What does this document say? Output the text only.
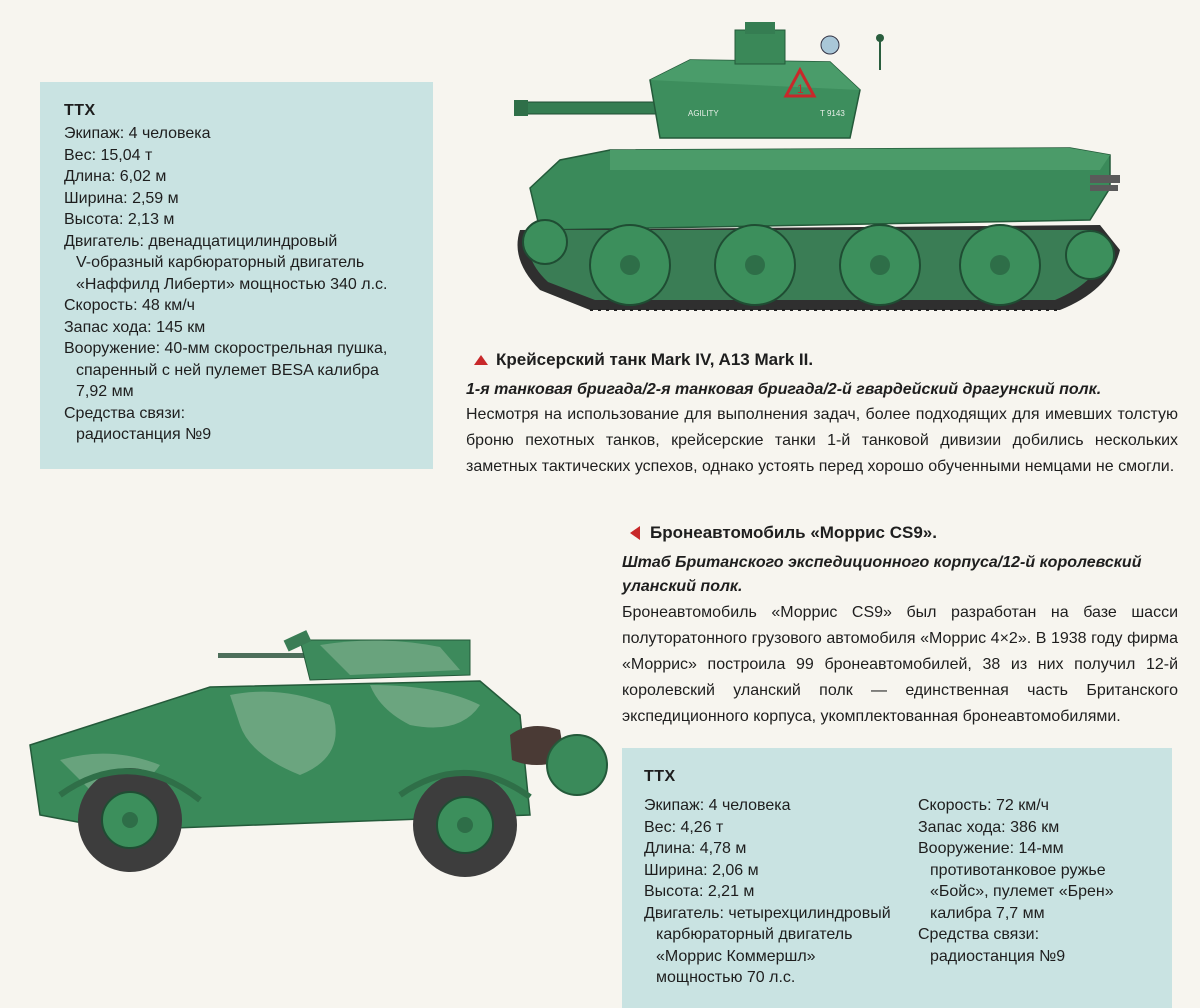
ТТХ
Экипаж: 4 человека
Вес: 15,04 т
Длина: 6,02 м
Ширина: 2,59 м
Высота: 2,13 м
Двигатель: двенадцатицилиндровый
V-образный карбюраторный двигатель
«Наффилд Либерти» мощностью 340 л.с.
Скорость: 48 км/ч
Запас хода: 145 км
Вооружение: 40-мм скорострельная пушка,
спаренный с ней пулемет BESA калибра
7,92 мм
Средства связи:
радиостанция №9
AGILITY	T 9143
1
Крейсерский танк Mark IV, A13 Mark II.
1-я танковая бригада/2-я танковая бригада/2-й гвардейский драгунский полк.
Несмотря на использование для выполнения задач, более подходящих для имевших толстую броню пехотных танков, крейсерские танки 1-й танковой дивизии добились нескольких заметных тактических успехов, однако устоять перед хорошо обученными немцами не смогли.
Бронеавтомобиль «Моррис CS9».
Штаб Британского экспедиционного корпуса/12-й королевский уланский полк.
Бронеавтомобиль «Моррис CS9» был разработан на базе шасси полуторатонного грузового автомобиля «Моррис 4×2». В 1938 году фирма «Моррис» построила 99 бронеавтомобилей, 38 из них получил 12-й королевский уланский полк — единственная часть Британского экспедиционного корпуса, укомплектованная бронеавтомобилями.
ТТХ
Экипаж: 4 человека
Вес: 4,26 т
Длина: 4,78 м
Ширина: 2,06 м
Высота: 2,21 м
Двигатель: четырехцилиндровый
карбюраторный двигатель
«Моррис Коммершл»
мощностью 70 л.с.
Скорость: 72 км/ч
Запас хода: 386 км
Вооружение: 14-мм
противотанковое ружье
«Бойс», пулемет «Брен»
калибра 7,7 мм
Средства связи:
радиостанция №9
